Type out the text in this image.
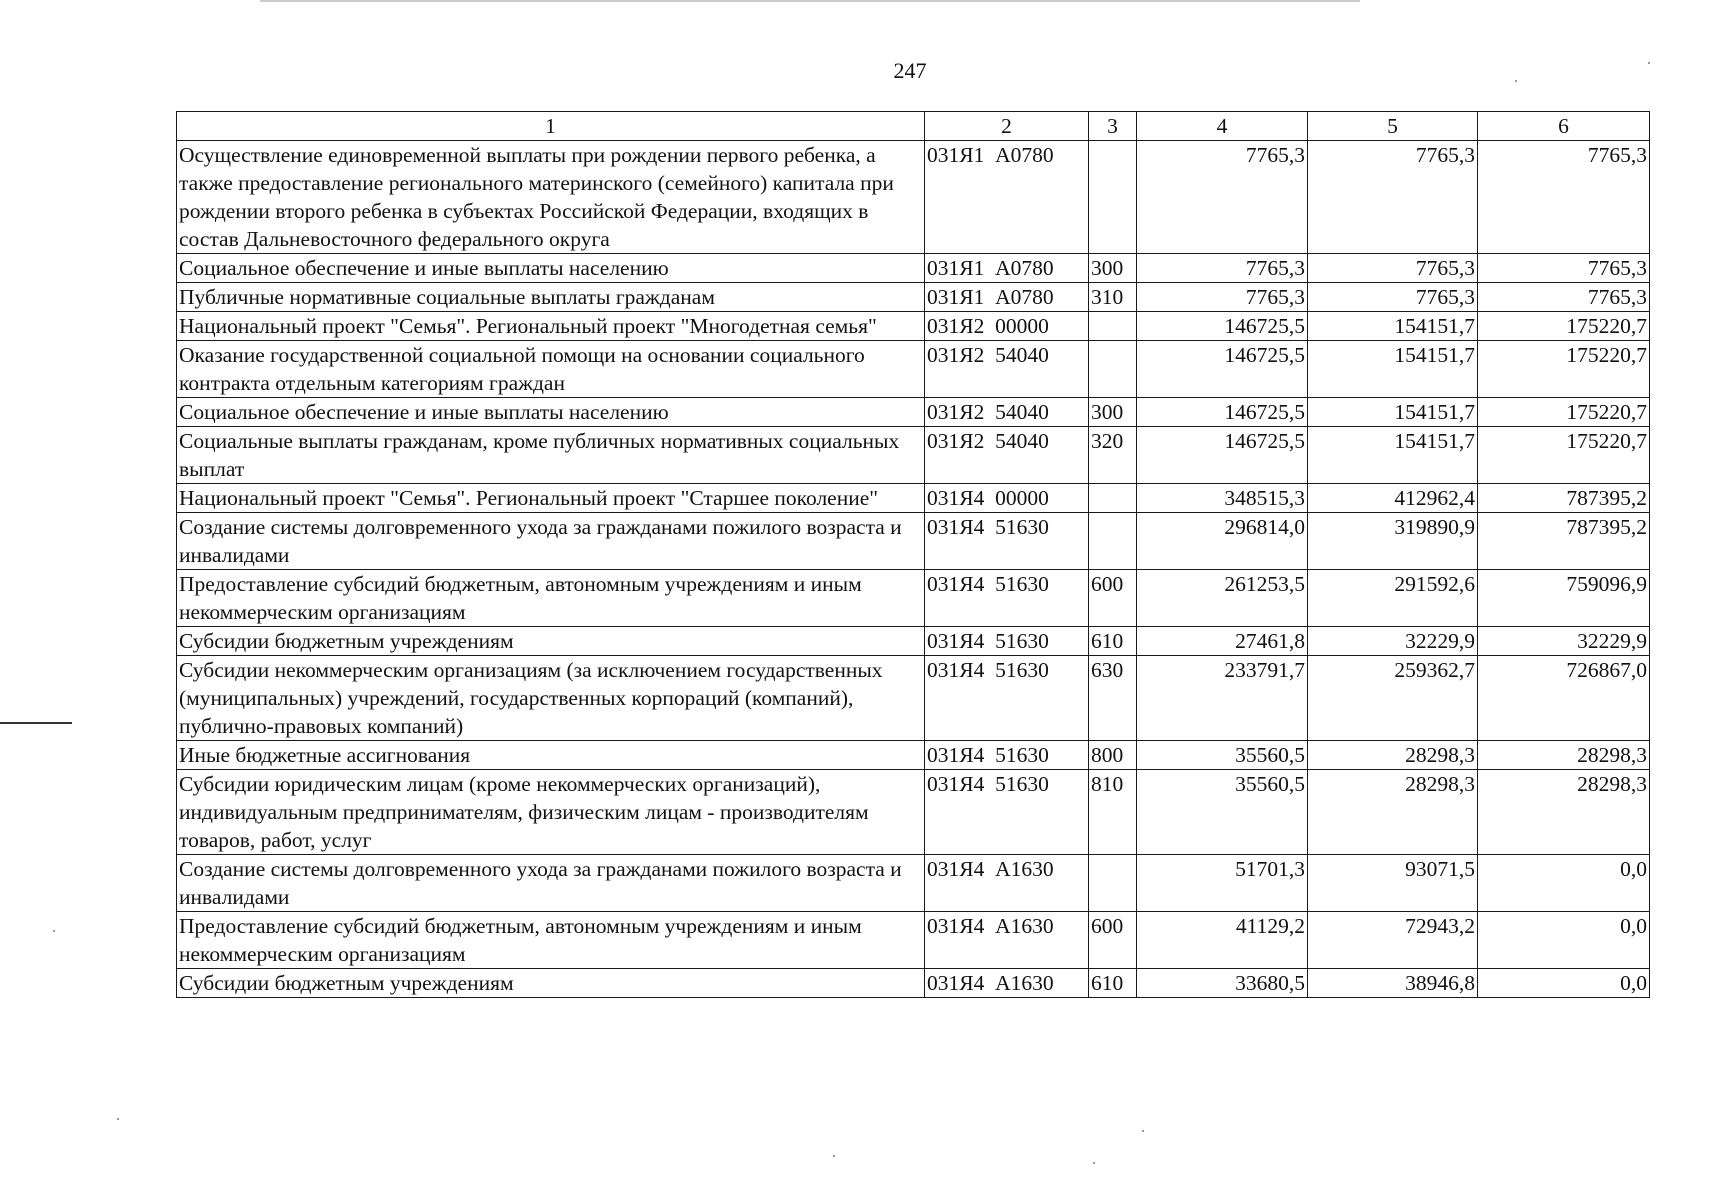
247
1	2	3	4	5	6
Осуществление единовременной выплаты при рождении первого ребенка, а также предоставление регионального материнского (семейного) капитала при рождении второго ребенка в субъектах Российской Федерации, входящих в состав Дальневосточного федерального округа	031Я1  А0780		7765,3	7765,3	7765,3
Социальное обеспечение и иные выплаты населению	031Я1  А0780	300	7765,3	7765,3	7765,3
Публичные нормативные социальные выплаты гражданам	031Я1  А0780	310	7765,3	7765,3	7765,3
Национальный проект "Семья". Региональный проект "Многодетная семья"	031Я2  00000		146725,5	154151,7	175220,7
Оказание государственной социальной помощи на основании социального контракта отдельным категориям граждан	031Я2  54040		146725,5	154151,7	175220,7
Социальное обеспечение и иные выплаты населению	031Я2  54040	300	146725,5	154151,7	175220,7
Социальные выплаты гражданам, кроме публичных нормативных социальных выплат	031Я2  54040	320	146725,5	154151,7	175220,7
Национальный проект "Семья". Региональный проект "Старшее поколение"	031Я4  00000		348515,3	412962,4	787395,2
Создание системы долговременного ухода за гражданами пожилого возраста и инвалидами	031Я4  51630		296814,0	319890,9	787395,2
Предоставление субсидий бюджетным, автономным учреждениям и иным некоммерческим организациям	031Я4  51630	600	261253,5	291592,6	759096,9
Субсидии бюджетным учреждениям	031Я4  51630	610	27461,8	32229,9	32229,9
Субсидии некоммерческим организациям (за исключением государственных (муниципальных) учреждений, государственных корпораций (компаний), публично-правовых компаний)	031Я4  51630	630	233791,7	259362,7	726867,0
Иные бюджетные ассигнования	031Я4  51630	800	35560,5	28298,3	28298,3
Субсидии юридическим лицам (кроме некоммерческих организаций), индивидуальным предпринимателям, физическим лицам - производителям товаров, работ, услуг	031Я4  51630	810	35560,5	28298,3	28298,3
Создание системы долговременного ухода за гражданами пожилого возраста и инвалидами	031Я4  А1630		51701,3	93071,5	0,0
Предоставление субсидий бюджетным, автономным учреждениям и иным некоммерческим организациям	031Я4  А1630	600	41129,2	72943,2	0,0
Субсидии бюджетным учреждениям	031Я4  А1630	610	33680,5	38946,8	0,0
